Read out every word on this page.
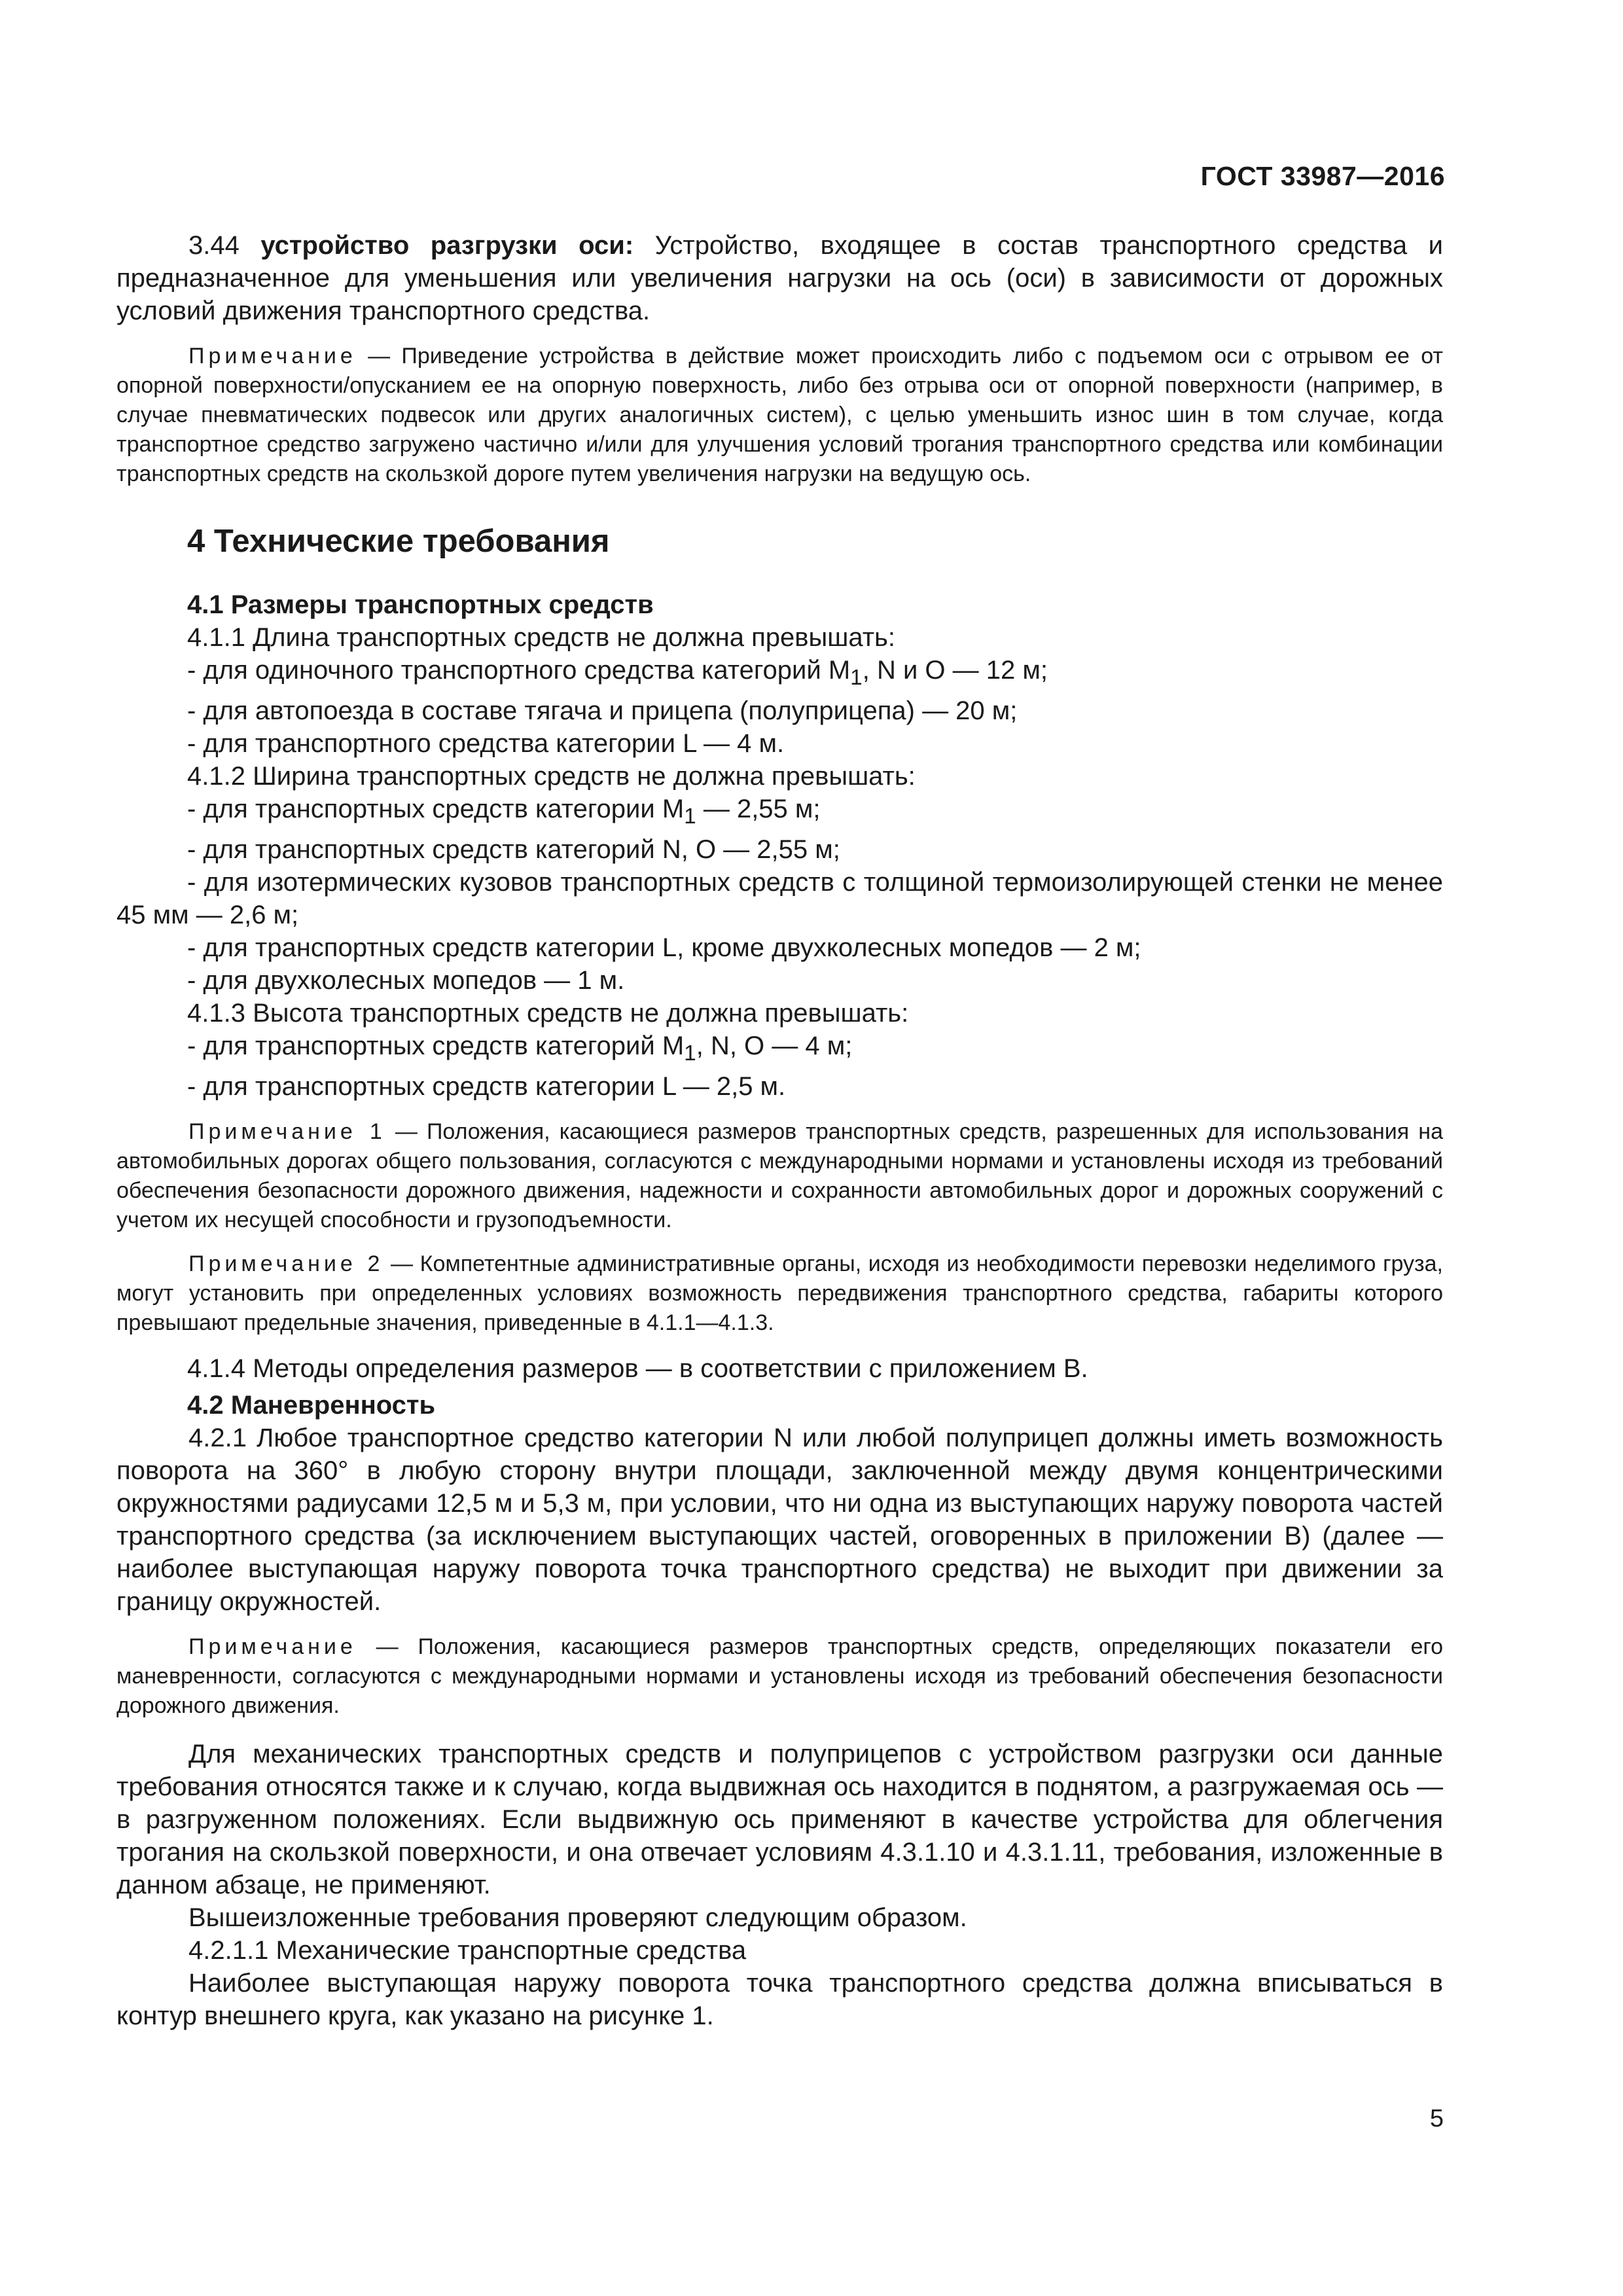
ГОСТ 33987—2016

3.44 устройство разгрузки оси: Устройство, входящее в состав транспортного средства и предназначенное для уменьшения или увеличения нагрузки на ось (оси) в зависимости от дорожных условий движения транспортного средства.

Примечание — Приведение устройства в действие может происходить либо с подъемом оси с отрывом ее от опорной поверхности/опусканием ее на опорную поверхность, либо без отрыва оси от опорной поверхности (например, в случае пневматических подвесок или других аналогичных систем), с целью уменьшить износ шин в том случае, когда транспортное средство загружено частично и/или для улучшения условий трогания транспортного средства или комбинации транспортных средств на скользкой дороге путем увеличения нагрузки на ведущую ось.

4 Технические требования

4.1 Размеры транспортных средств

4.1.1 Длина транспортных средств не должна превышать:

- для одиночного транспортного средства категорий $M_1$, N и O — 12 м;

- для автопоезда в составе тягача и прицепа (полуприцепа) — 20 м;

- для транспортного средства категории L — 4 м.

4.1.2 Ширина транспортных средств не должна превышать:

- для транспортных средств категории $M_1$ — 2,55 м;

- для транспортных средств категорий N, O — 2,55 м;

- для изотермических кузовов транспортных средств с толщиной термоизолирующей стенки не менее 45 мм — 2,6 м;

- для транспортных средств категории L, кроме двухколесных мопедов — 2 м;

- для двухколесных мопедов — 1 м.

4.1.3 Высота транспортных средств не должна превышать:

- для транспортных средств категорий $M_1$, N, O — 4 м;

- для транспортных средств категории L — 2,5 м.

Примечание 1 — Положения, касающиеся размеров транспортных средств, разрешенных для использования на автомобильных дорогах общего пользования, согласуются с международными нормами и установлены исходя из требований обеспечения безопасности дорожного движения, надежности и сохранности автомобильных дорог и дорожных сооружений с учетом их несущей способности и грузоподъемности.

Примечание 2 — Компетентные административные органы, исходя из необходимости перевозки неделимого груза, могут установить при определенных условиях возможность передвижения транспортного средства, габариты которого превышают предельные значения, приведенные в 4.1.1—4.1.3.

4.1.4 Методы определения размеров — в соответствии с приложением В.

4.2 Маневренность

4.2.1 Любое транспортное средство категории N или любой полуприцеп должны иметь возможность поворота на 360° в любую сторону внутри площади, заключенной между двумя концентрическими окружностями радиусами 12,5 м и 5,3 м, при условии, что ни одна из выступающих наружу поворота частей транспортного средства (за исключением выступающих частей, оговоренных в приложении В) (далее — наиболее выступающая наружу поворота точка транспортного средства) не выходит при движении за границу окружностей.

Примечание — Положения, касающиеся размеров транспортных средств, определяющих показатели его маневренности, согласуются с международными нормами и установлены исходя из требований обеспечения безопасности дорожного движения.

Для механических транспортных средств и полуприцепов с устройством разгрузки оси данные требования относятся также и к случаю, когда выдвижная ось находится в поднятом, а разгружаемая ось — в разгруженном положениях. Если выдвижную ось применяют в качестве устройства для облегчения трогания на скользкой поверхности, и она отвечает условиям 4.3.1.10 и 4.3.1.11, требования, изложенные в данном абзаце, не применяют.

Вышеизложенные требования проверяют следующим образом.

4.2.1.1 Механические транспортные средства

Наиболее выступающая наружу поворота точка транспортного средства должна вписываться в контур внешнего круга, как указано на рисунке 1.

5
